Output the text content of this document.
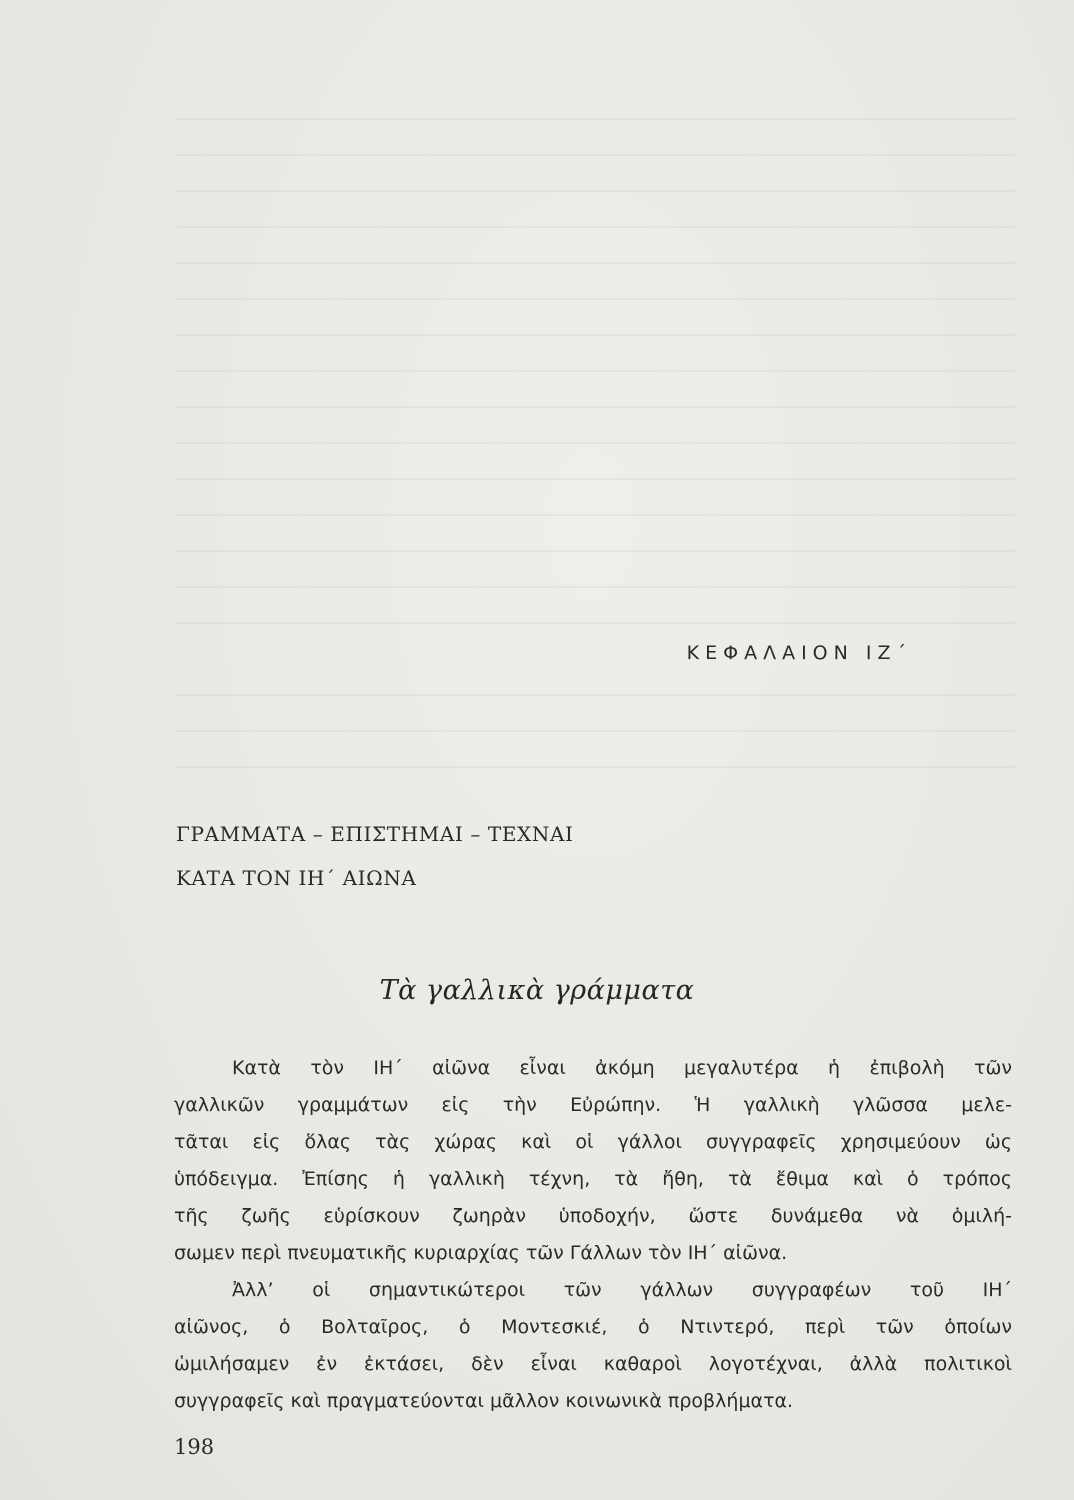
ΚΕΦΑΛΑΙΟΝ ΙΖ΄
ΓΡΑΜΜΑΤΑ – ΕΠΙΣΤΗΜΑΙ – ΤΕΧΝΑΙ
ΚΑΤΑ ΤΟΝ ΙΗ΄ ΑΙΩΝΑ
Τὰ γαλλικὰ γράμματα
Κατὰ τὸν ΙΗ΄ αἰῶνα εἶναι ἀκόμη μεγαλυτέρα ἡ ἐπιβολὴ τῶν
γαλλικῶν γραμμάτων εἰς τὴν Εὐρώπην. Ἡ γαλλικὴ γλῶσσα μελε-
τᾶται εἰς ὅλας τὰς χώρας καὶ οἱ γάλλοι συγγραφεῖς χρησιμεύουν ὡς
ὑπόδειγμα. Ἐπίσης ἡ γαλλικὴ τέχνη, τὰ ἤθη, τὰ ἔθιμα καὶ ὁ τρόπος
τῆς ζωῆς εὑρίσκουν ζωηρὰν ὑποδοχήν, ὥστε δυνάμεθα νὰ ὁμιλή-
σωμεν περὶ πνευματικῆς κυριαρχίας τῶν Γάλλων τὸν ΙΗ΄ αἰῶνα.
Ἀλλ’ οἱ σημαντικώτεροι τῶν γάλλων συγγραφέων τοῦ ΙΗ΄
αἰῶνος, ὁ Βολταῖρος, ὁ Μοντεσκιέ, ὁ Ντιντερό, περὶ τῶν ὁποίων
ὡμιλήσαμεν ἐν ἐκτάσει, δὲν εἶναι καθαροὶ λογοτέχναι, ἀλλὰ πολιτικοὶ
συγγραφεῖς καὶ πραγματεύονται μᾶλλον κοινωνικὰ προβλήματα.
198
